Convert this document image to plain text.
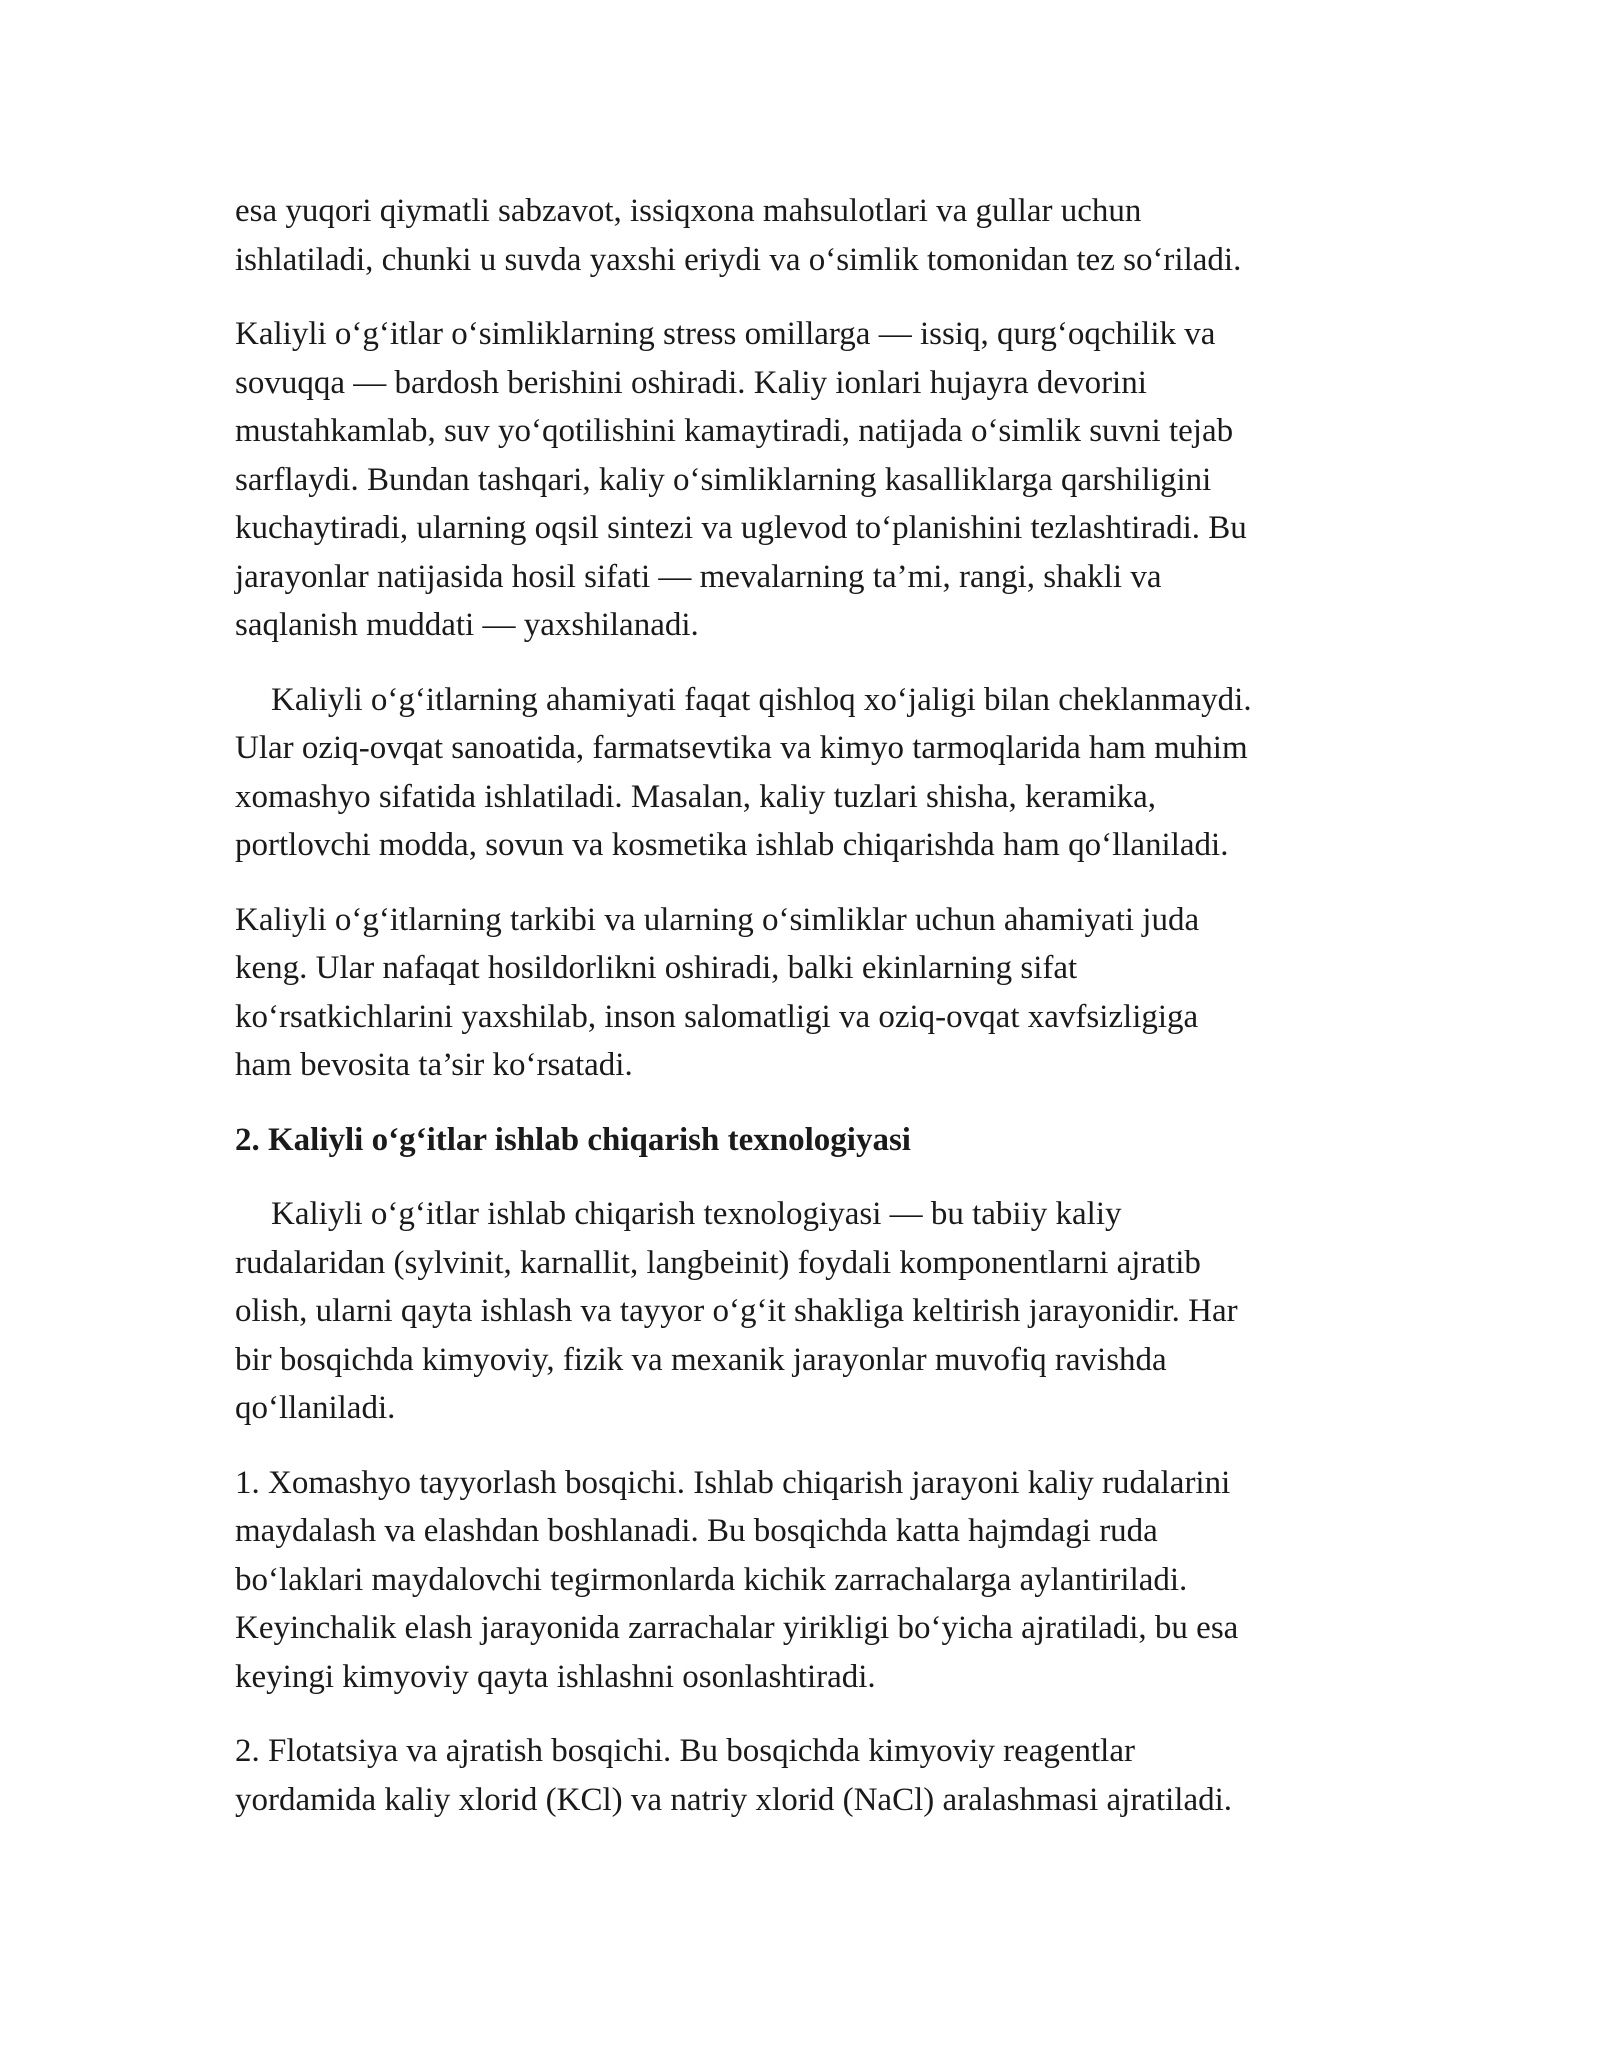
esa yuqori qiymatli sabzavot, issiqxona mahsulotlari va gullar uchun
ishlatiladi, chunki u suvda yaxshi eriydi va o‘simlik tomonidan tez so‘riladi.

Kaliyli o‘g‘itlar o‘simliklarning stress omillarga — issiq, qurg‘oqchilik va
sovuqqa — bardosh berishini oshiradi. Kaliy ionlari hujayra devorini
mustahkamlab, suv yo‘qotilishini kamaytiradi, natijada o‘simlik suvni tejab
sarflaydi. Bundan tashqari, kaliy o‘simliklarning kasalliklarga qarshiligini
kuchaytiradi, ularning oqsil sintezi va uglevod to‘planishini tezlashtiradi. Bu
jarayonlar natijasida hosil sifati — mevalarning ta’mi, rangi, shakli va
saqlanish muddati — yaxshilanadi.

Kaliyli o‘g‘itlarning ahamiyati faqat qishloq xo‘jaligi bilan cheklanmaydi.
Ular oziq-ovqat sanoatida, farmatsevtika va kimyo tarmoqlarida ham muhim
xomashyo sifatida ishlatiladi. Masalan, kaliy tuzlari shisha, keramika,
portlovchi modda, sovun va kosmetika ishlab chiqarishda ham qo‘llaniladi.

Kaliyli o‘g‘itlarning tarkibi va ularning o‘simliklar uchun ahamiyati juda
keng. Ular nafaqat hosildorlikni oshiradi, balki ekinlarning sifat
ko‘rsatkichlarini yaxshilab, inson salomatligi va oziq-ovqat xavfsizligiga
ham bevosita ta’sir ko‘rsatadi.

2. Kaliyli o‘g‘itlar ishlab chiqarish texnologiyasi

Kaliyli o‘g‘itlar ishlab chiqarish texnologiyasi — bu tabiiy kaliy
rudalaridan (sylvinit, karnallit, langbeinit) foydali komponentlarni ajratib
olish, ularni qayta ishlash va tayyor o‘g‘it shakliga keltirish jarayonidir. Har
bir bosqichda kimyoviy, fizik va mexanik jarayonlar muvofiq ravishda
qo‘llaniladi.

1. Xomashyo tayyorlash bosqichi. Ishlab chiqarish jarayoni kaliy rudalarini
maydalash va elashdan boshlanadi. Bu bosqichda katta hajmdagi ruda
bo‘laklari maydalovchi tegirmonlarda kichik zarrachalarga aylantiriladi.
Keyinchalik elash jarayonida zarrachalar yirikligi bo‘yicha ajratiladi, bu esa
keyingi kimyoviy qayta ishlashni osonlashtiradi.

2. Flotatsiya va ajratish bosqichi. Bu bosqichda kimyoviy reagentlar
yordamida kaliy xlorid (KCl) va natriy xlorid (NaCl) aralashmasi ajratiladi.
